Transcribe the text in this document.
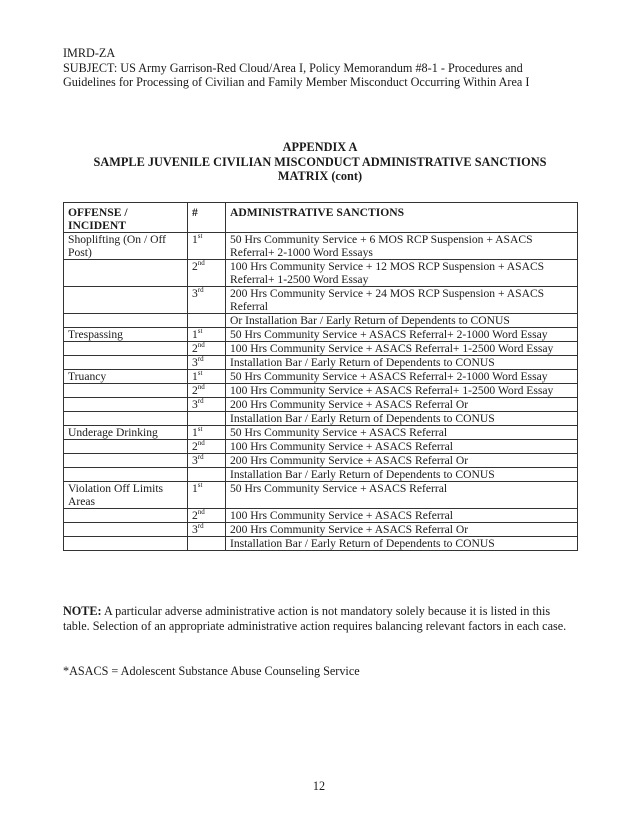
IMRD-ZA
SUBJECT: US Army Garrison-Red Cloud/Area I, Policy Memorandum #8-1 - Procedures and
Guidelines for Processing of Civilian and Family Member Misconduct Occurring Within Area I
APPENDIX A
SAMPLE JUVENILE CIVILIAN MISCONDUCT ADMINISTRATIVE SANCTIONS
MATRIX (cont)
OFFENSE / INCIDENT	#	ADMINISTRATIVE SANCTIONS
Shoplifting (On / Off Post)	1st	50 Hrs Community Service + 6 MOS RCP Suspension + ASACS Referral+ 2-1000 Word Essays
	2nd	100 Hrs Community Service + 12 MOS RCP Suspension + ASACS Referral+ 1-2500 Word Essay
	3rd	200 Hrs Community Service + 24 MOS RCP Suspension + ASACS Referral
		Or Installation Bar / Early Return of Dependents to CONUS
Trespassing	1st	50 Hrs Community Service + ASACS Referral+ 2-1000 Word Essay
	2nd	100 Hrs Community Service + ASACS Referral+ 1-2500 Word Essay
	3rd	Installation Bar / Early Return of Dependents to CONUS
Truancy	1st	50 Hrs Community Service + ASACS Referral+ 2-1000 Word Essay
	2nd	100 Hrs Community Service + ASACS Referral+ 1-2500 Word Essay
	3rd	200 Hrs Community Service + ASACS Referral Or
		Installation Bar / Early Return of Dependents to CONUS
Underage Drinking	1st	50 Hrs Community Service + ASACS Referral
	2nd	100 Hrs Community Service + ASACS Referral
	3rd	200 Hrs Community Service + ASACS Referral Or
		Installation Bar / Early Return of Dependents to CONUS
Violation Off Limits Areas	1st	50 Hrs Community Service + ASACS Referral
	2nd	100 Hrs Community Service + ASACS Referral
	3rd	200 Hrs Community Service + ASACS Referral Or
		Installation Bar / Early Return of Dependents to CONUS
NOTE: A particular adverse administrative action is not mandatory solely because it is listed in this table. Selection of an appropriate administrative action requires balancing relevant factors in each case.
*ASACS = Adolescent Substance Abuse Counseling Service
12
